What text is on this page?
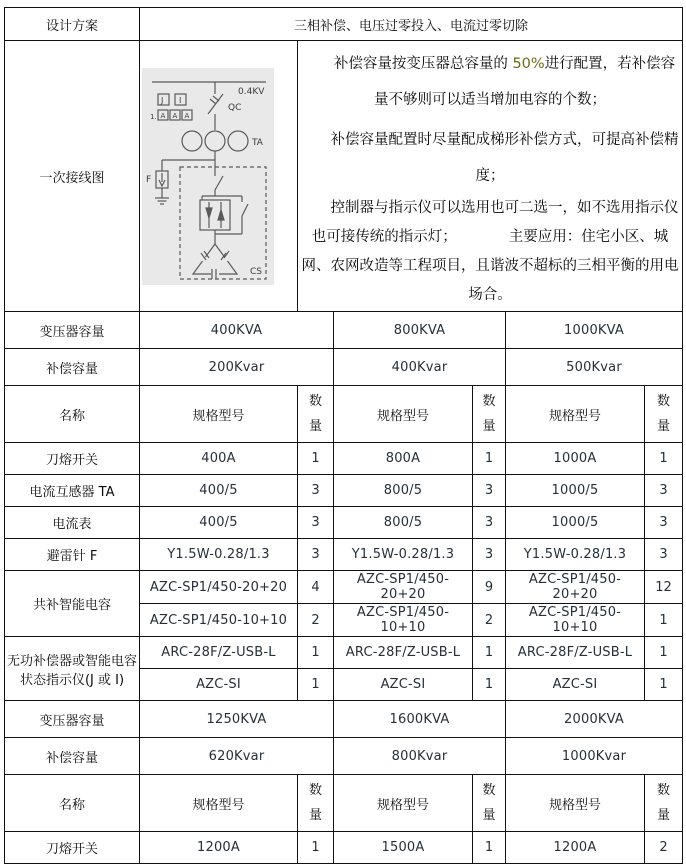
设计方案	三相补偿、电压过零投入、电流过零切除					
一次接线图	
0.4KV
QC
TA
F
CS
J I
1. A A A

补偿容量按变压器总容量的 50%进行配置，若补偿容量不够则可以适当增加电容的个数；

补偿容量配置时尽量配成梯形补偿方式，可提高补偿精度；

控制器与指示仪可以选用也可二选一，如不选用指示仪也可接传统的指示灯；	主要应用：住宅小区、城网、农网改造等工程项目，且谐波不超标的三相平衡的用电场合。

变压器容量	400KVA		800KVA		1000KVA	
补偿容量	200Kvar		400Kvar		500Kvar	
名称	规格型号	数量	规格型号	数量	规格型号	数量
刀熔开关	400A	1	800A	1	1000A	1
电流互感器 TA	400/5	3	800/5	3	1000/5	3
电流表	400/5	3	800/5	3	1000/5	3
避雷针 F	Y1.5W-0.28/1.3	3	Y1.5W-0.28/1.3	3	Y1.5W-0.28/1.3	3
共补智能电容	AZC-SP1/450-20+20	4	AZC-SP1/450-20+20	9	AZC-SP1/450-20+20	12
	AZC-SP1/450-10+10	2	AZC-SP1/450-10+10	2	AZC-SP1/450-10+10	1
无功补偿器或智能电容状态指示仪(J 或 I)	ARC-28F/Z-USB-L	1	ARC-28F/Z-USB-L	1	ARC-28F/Z-USB-L	1
	AZC-SI	1	AZC-SI	1	AZC-SI	1
变压器容量	1250KVA		1600KVA		2000KVA	
补偿容量	620Kvar		800Kvar		1000Kvar	
名称	规格型号	数量	规格型号	数量	规格型号	数量
刀熔开关	1200A	1	1500A	1	1200A	2
